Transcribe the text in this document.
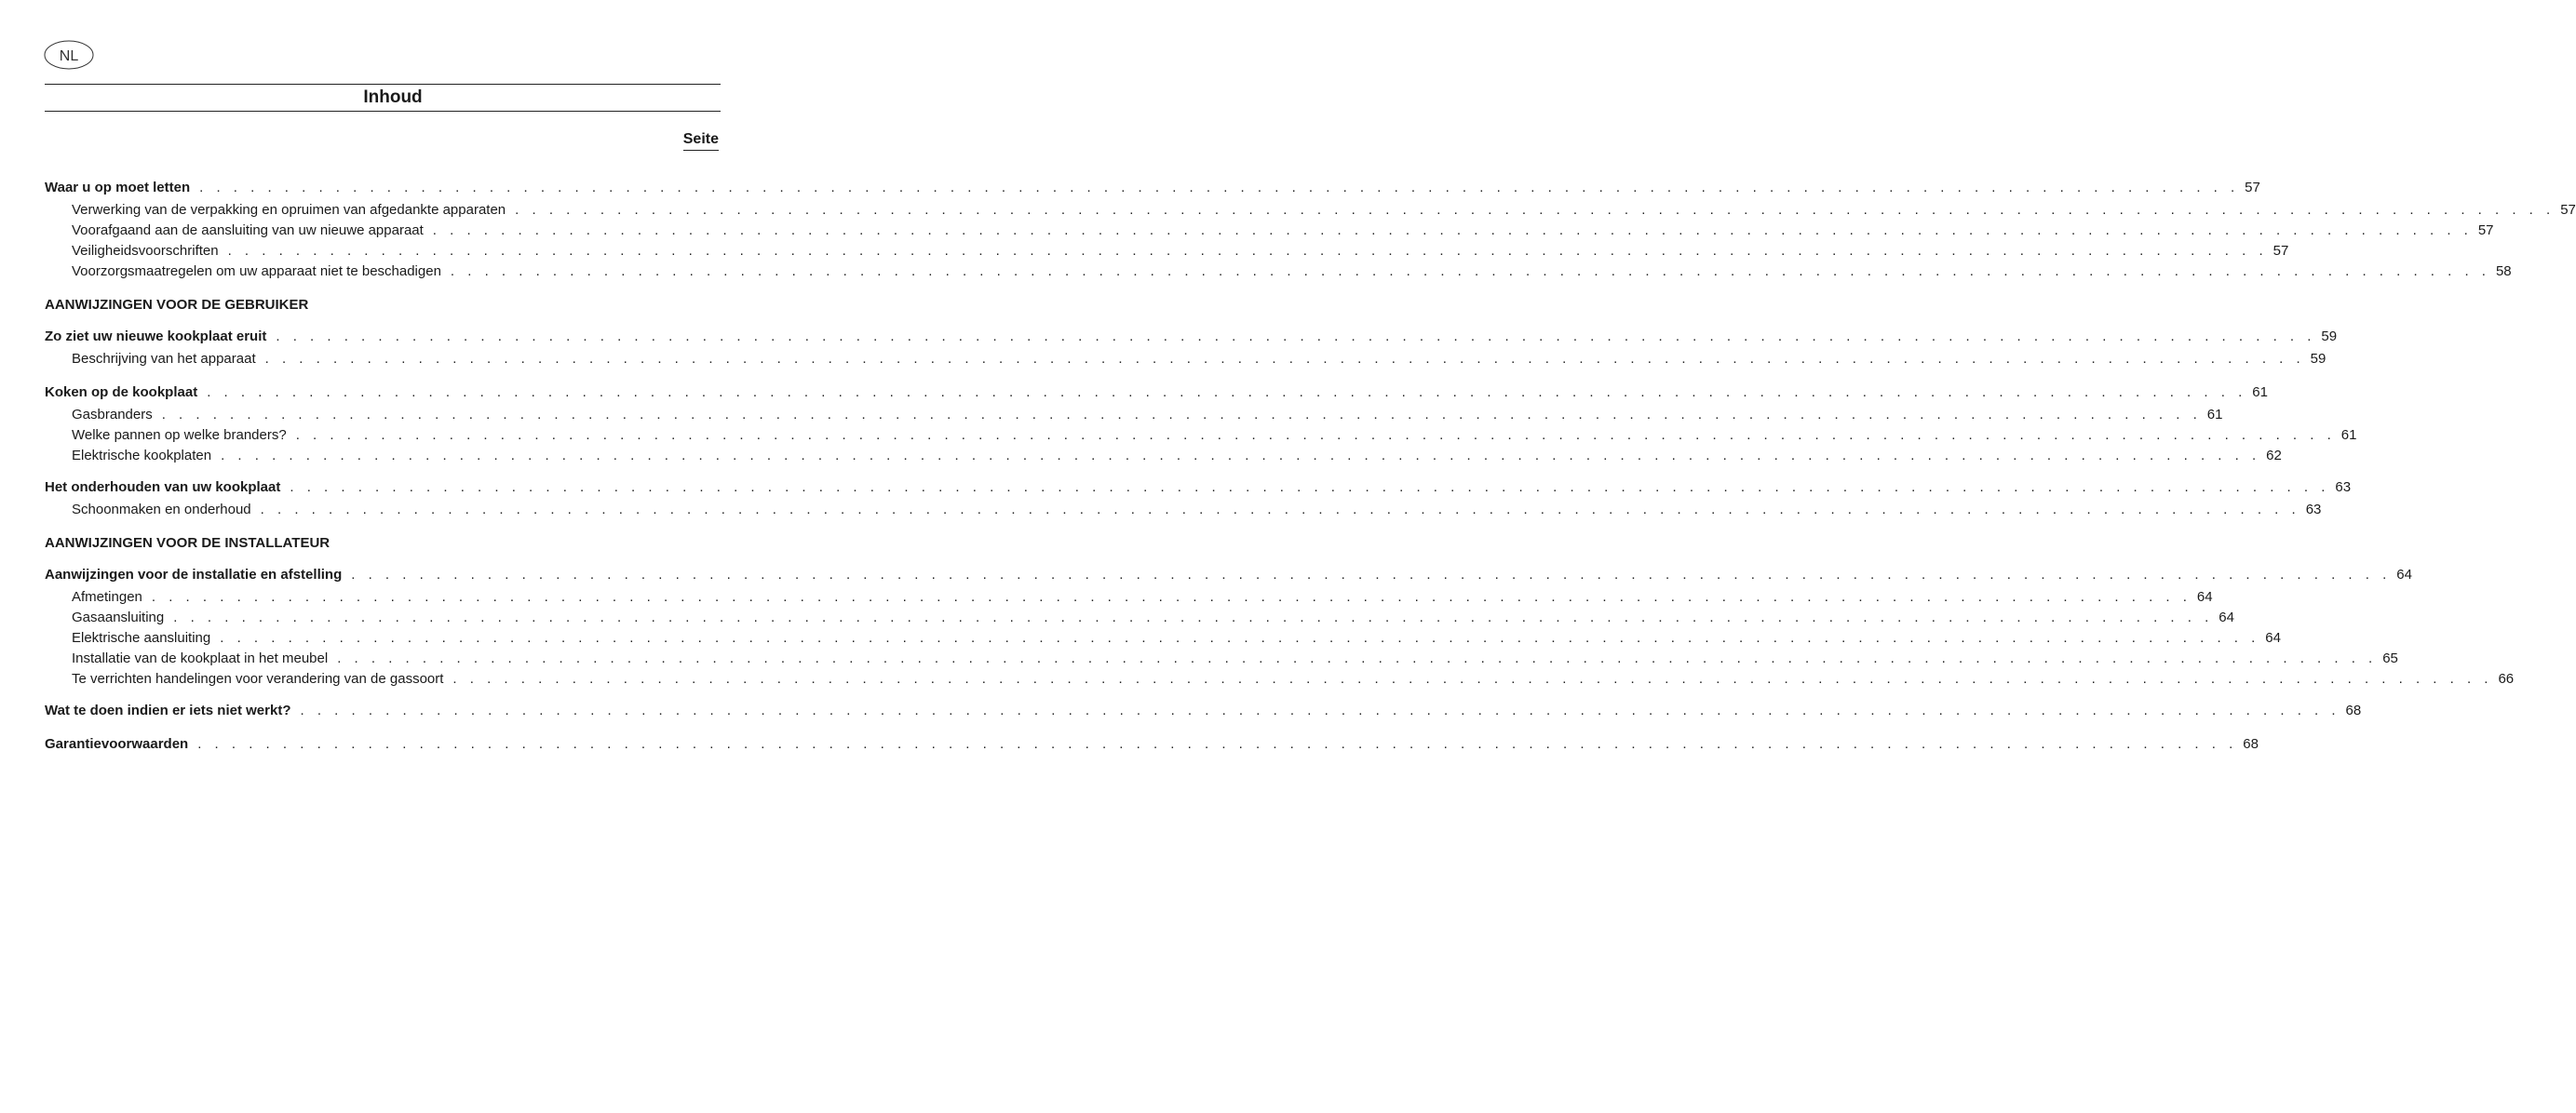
NL
Inhoud
Seite
Waar u op moet letten . . . . . . . . . . . . . . . . . . . . . . . . . . . . . . . . . . . . . . . . . . . . . . . . . . . . . . . . . . . . . . . . . . . . . . . . . . . . . . . . . . . . . . . . . . . . . . . . . . . . . . . . . . . . . . . . . . . . . . . . 57
Verwerking van de verpakking en opruimen van afgedankte apparaten . . . . . . . . . . . . . . . . . . . . . . . . . . . . . . . . . . . . . . . . . . . . . . . . . . . . . . . . . . . . . . . . . . . . . . . . . . . . . . . . . . . . . . . . . . . . . . . . . . . . . . . . . . . . . . . . . . . . . . . . 57
Voorafgaand aan de aansluiting van uw nieuwe apparaat . . . . . . . . . . . . . . . . . . . . . . . . . . . . . . . . . . . . . . . . . . . . . . . . . . . . . . . . . . . . . . . . . . . . . . . . . . . . . . . . . . . . . . . . . . . . . . . . . . . . . . . . . . . . . . . . . . . . . . . . 57
Veiligheidsvoorschriften . . . . . . . . . . . . . . . . . . . . . . . . . . . . . . . . . . . . . . . . . . . . . . . . . . . . . . . . . . . . . . . . . . . . . . . . . . . . . . . . . . . . . . . . . . . . . . . . . . . . . . . . . . . . . . . . . . . . . . . . 57
Voorzorgsmaatregelen om uw apparaat niet te beschadigen . . . . . . . . . . . . . . . . . . . . . . . . . . . . . . . . . . . . . . . . . . . . . . . . . . . . . . . . . . . . . . . . . . . . . . . . . . . . . . . . . . . . . . . . . . . . . . . . . . . . . . . . . . . . . . . . . . . . . . . . 58
AANWIJZINGEN VOOR DE GEBRUIKER
Zo ziet uw nieuwe kookplaat eruit . . . . . . . . . . . . . . . . . . . . . . . . . . . . . . . . . . . . . . . . . . . . . . . . . . . . . . . . . . . . . . . . . . . . . . . . . . . . . . . . . . . . . . . . . . . . . . . . . . . . . . . . . . . . . . . . . . . . . . . . 59
Beschrijving van het apparaat . . . . . . . . . . . . . . . . . . . . . . . . . . . . . . . . . . . . . . . . . . . . . . . . . . . . . . . . . . . . . . . . . . . . . . . . . . . . . . . . . . . . . . . . . . . . . . . . . . . . . . . . . . . . . . . . . . . . . . . . 59
Koken op de kookplaat . . . . . . . . . . . . . . . . . . . . . . . . . . . . . . . . . . . . . . . . . . . . . . . . . . . . . . . . . . . . . . . . . . . . . . . . . . . . . . . . . . . . . . . . . . . . . . . . . . . . . . . . . . . . . . . . . . . . . . . . 61
Gasbranders . . . . . . . . . . . . . . . . . . . . . . . . . . . . . . . . . . . . . . . . . . . . . . . . . . . . . . . . . . . . . . . . . . . . . . . . . . . . . . . . . . . . . . . . . . . . . . . . . . . . . . . . . . . . . . . . . . . . . . . . 61
Welke pannen op welke branders? . . . . . . . . . . . . . . . . . . . . . . . . . . . . . . . . . . . . . . . . . . . . . . . . . . . . . . . . . . . . . . . . . . . . . . . . . . . . . . . . . . . . . . . . . . . . . . . . . . . . . . . . . . . . . . . . . . . . . . . . 61
Elektrische kookplaten . . . . . . . . . . . . . . . . . . . . . . . . . . . . . . . . . . . . . . . . . . . . . . . . . . . . . . . . . . . . . . . . . . . . . . . . . . . . . . . . . . . . . . . . . . . . . . . . . . . . . . . . . . . . . . . . . . . . . . . . 62
Het onderhouden van uw kookplaat . . . . . . . . . . . . . . . . . . . . . . . . . . . . . . . . . . . . . . . . . . . . . . . . . . . . . . . . . . . . . . . . . . . . . . . . . . . . . . . . . . . . . . . . . . . . . . . . . . . . . . . . . . . . . . . . . . . . . . . . 63
Schoonmaken en onderhoud . . . . . . . . . . . . . . . . . . . . . . . . . . . . . . . . . . . . . . . . . . . . . . . . . . . . . . . . . . . . . . . . . . . . . . . . . . . . . . . . . . . . . . . . . . . . . . . . . . . . . . . . . . . . . . . . . . . . . . . . 63
AANWIJZINGEN VOOR DE INSTALLATEUR
Aanwijzingen voor de installatie en afstelling . . . . . . . . . . . . . . . . . . . . . . . . . . . . . . . . . . . . . . . . . . . . . . . . . . . . . . . . . . . . . . . . . . . . . . . . . . . . . . . . . . . . . . . . . . . . . . . . . . . . . . . . . . . . . . . . . . . . . . . . 64
Afmetingen . . . . . . . . . . . . . . . . . . . . . . . . . . . . . . . . . . . . . . . . . . . . . . . . . . . . . . . . . . . . . . . . . . . . . . . . . . . . . . . . . . . . . . . . . . . . . . . . . . . . . . . . . . . . . . . . . . . . . . . . 64
Gasaansluiting . . . . . . . . . . . . . . . . . . . . . . . . . . . . . . . . . . . . . . . . . . . . . . . . . . . . . . . . . . . . . . . . . . . . . . . . . . . . . . . . . . . . . . . . . . . . . . . . . . . . . . . . . . . . . . . . . . . . . . . . 64
Elektrische aansluiting . . . . . . . . . . . . . . . . . . . . . . . . . . . . . . . . . . . . . . . . . . . . . . . . . . . . . . . . . . . . . . . . . . . . . . . . . . . . . . . . . . . . . . . . . . . . . . . . . . . . . . . . . . . . . . . . . . . . . . . . 64
Installatie van de kookplaat in het meubel . . . . . . . . . . . . . . . . . . . . . . . . . . . . . . . . . . . . . . . . . . . . . . . . . . . . . . . . . . . . . . . . . . . . . . . . . . . . . . . . . . . . . . . . . . . . . . . . . . . . . . . . . . . . . . . . . . . . . . . . 65
Te verrichten handelingen voor verandering van de gassoort . . . . . . . . . . . . . . . . . . . . . . . . . . . . . . . . . . . . . . . . . . . . . . . . . . . . . . . . . . . . . . . . . . . . . . . . . . . . . . . . . . . . . . . . . . . . . . . . . . . . . . . . . . . . . . . . . . . . . . . . 66
Wat te doen indien er iets niet werkt? . . . . . . . . . . . . . . . . . . . . . . . . . . . . . . . . . . . . . . . . . . . . . . . . . . . . . . . . . . . . . . . . . . . . . . . . . . . . . . . . . . . . . . . . . . . . . . . . . . . . . . . . . . . . . . . . . . . . . . . . 68
Garantievoorwaarden . . . . . . . . . . . . . . . . . . . . . . . . . . . . . . . . . . . . . . . . . . . . . . . . . . . . . . . . . . . . . . . . . . . . . . . . . . . . . . . . . . . . . . . . . . . . . . . . . . . . . . . . . . . . . . . . . . . . . . . . 68
